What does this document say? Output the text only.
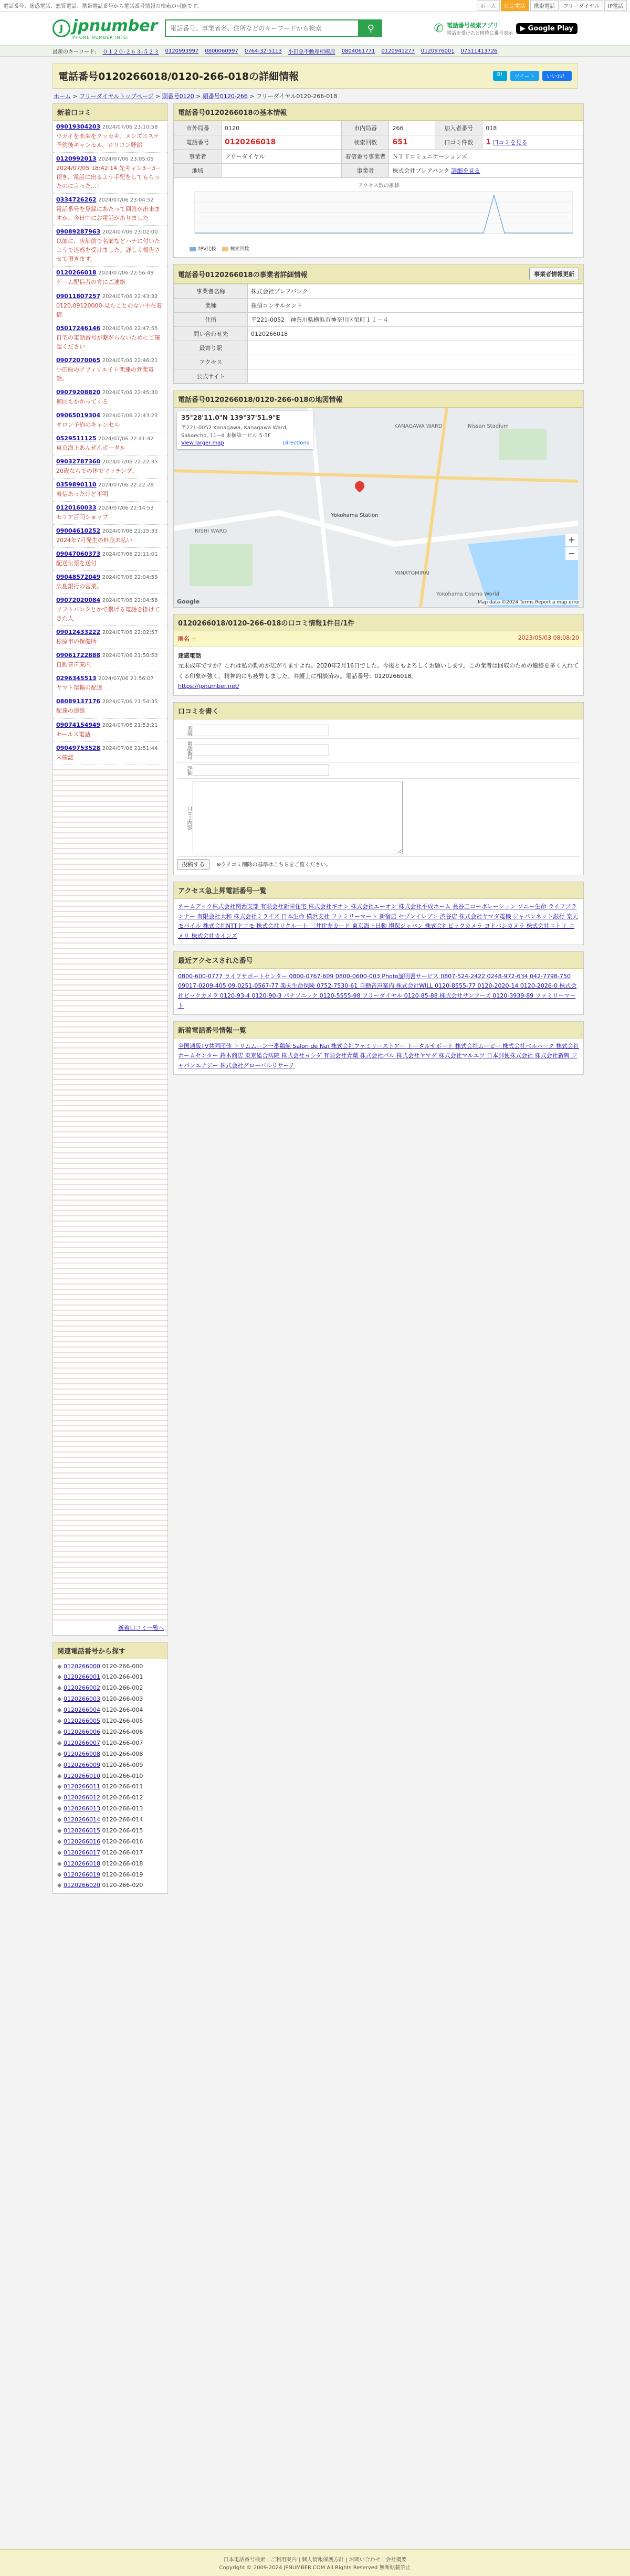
電話番号、迷惑電話、悪質電話、携帯電話番号から電話番号情報の検索が可能です。	ホーム	固定電話	携帯電話	フリーダイヤル	IP電話
J jpnumber
PHONE NUMBER INFO.
電話番号、事業者名、住所などのキーワードから検索
⚲	✆ 電話番号検索アプリ
電話を受けたと同時に番号表示
▶ Google Play
最新のキーワード: ０１２０‐２６３‐５２３ 0120993997 0800060997 0764-32-5113 小田急不動産相模原 0804061771 0120941277 0120976001 07511413726
電話番号0120266018/0120-266-018の詳細情報	B!	ツイート	いいね！
ホーム > フリーダイヤルトップページ > 頭番号0120 > 頭番号0120-266 > フリーダイヤル0120-266-018
新着口コミ
09019304203 2024/07/06 23:10:58
ウガイを未来をクッカキ。メンズエステ予約後キャンセル、ロリコン野郎
0120992013 2024/07/06 23:05:05
2024/07/05 18:42:14 先キャン3ー3ー頂き、電話に出るよう手配をしてもらったのに言った…！
0334726262 2024/07/06 23:04:52
電話番号を登録にあたって回答が出来ますか。今日中にお電話がありました
09089287963 2024/07/06 23:02:00
以前に、店舗前で名前などハナに付いたようで迷惑を受けました。詳しく報告させて頂きます。
0120266018 2024/07/06 22:56:49
ゲーム配信者の方にご連絡
09011807257 2024/07/06 22:43:32
0120,09120000-見たことのない不在着信
05017246146 2024/07/06 22:47:55
自宅の電話番号が繋がらないためにご確認ください
09072070065 2024/07/06 22:46:21
小田原のアフィリエイト関連の営業電話。
09079208820 2024/07/06 22:45:30
何回もかかってくる
09065019304 2024/07/06 22:43:23
サロン予約のキャンセル
0529511125 2024/07/06 22:41:42
東京海上あんぜんポータル
09032787360 2024/07/06 22:22:35
20歳ならでの体でマッチング。
0359890110 2024/07/06 22:22:28
着信あったけど不明
0120160033 2024/07/06 22:14:53
セリア百円ショップ
09004610252 2024/07/06 22:15:33
2024年7月発生の料金未払い
09047060373 2024/07/06 22:11:01
配送伝票を送付
09048572049 2024/07/06 22:04:59
広島銀行の営業。
09072020084 2024/07/06 22:04:58
ソフトバンクとかで繋げる電話を掛けてきた人
09012433222 2024/07/06 22:02:57
松原市の保健所
09061722888 2024/07/06 21:58:53
自動音声案内
0296345513 2024/07/06 21:56:07
ヤマト運輸の配達
08089137176 2024/07/06 21:54:35
配達の連絡
09074154949 2024/07/06 21:53:21
セールス電話
09049753528 2024/07/06 21:51:44
未確認
新着口コミ一覧へ
関連電話番号から探す
◆ 0120266000 0120-266-000
◆ 0120266001 0120-266-001
◆ 0120266002 0120-266-002
◆ 0120266003 0120-266-003
◆ 0120266004 0120-266-004
◆ 0120266005 0120-266-005
◆ 0120266006 0120-266-006
◆ 0120266007 0120-266-007
◆ 0120266008 0120-266-008
◆ 0120266009 0120-266-009
◆ 0120266010 0120-266-010
◆ 0120266011 0120-266-011
◆ 0120266012 0120-266-012
◆ 0120266013 0120-266-013
◆ 0120266014 0120-266-014
◆ 0120266015 0120-266-015
◆ 0120266016 0120-266-016
◆ 0120266017 0120-266-017
◆ 0120266018 0120-266-018
◆ 0120266019 0120-266-019
◆ 0120266020 0120-266-020
電話番号0120266018の基本情報
市外局番	0120	市内局番	266	加入者番号	018
電話番号	0120266018	検索回数	651	口コミ件数	1 口コミを見る
事業者	フリーダイヤル	着信番号事業者	ＮＴＴコミュニケーションズ		
地域		事業者	株式会社プレアバンク 詳細を見る		
アクセス数の推移
7PV比較	検索回数
電話番号0120266018の事業者詳細情報	事業者情報更新
事業者名称	株式会社プレアバンク
業種	探偵コンサルタント
住所	〒221-0052　神奈川県横浜市神奈川区栄町１１－４
問い合わせ先	0120266018
最寄り駅	
アクセス	
公式サイト	
電話番号0120266018/0120-266-018の地図情報
35°28'11.0"N 139°37'51.9"E
〒221-0052 Kanagawa, Kanagawa Ward, Sakaecho, 11−4 東横第一ビル 5-3F
View larger map	Directions
KANAGAWA WARD
NISHI WARD
Yokohama Station
MINATOMIRAI
Yokohama Cosmo World
Nissan Stadium
+
−
Google	Map data ©2024 Terms Report a map error
0120266018/0120-266-018の口コミ情報1件目/1件
匿名 ☆	2023/05/03 08:08:20
迷惑電話
元未成年ですか？これは私の勤めが広がりますよね。2020年2月16日でした。今後ともよろしくお願いします。この業者は回収のための連絡を多く入れてくる印象が強く、精神的にも疲弊しました。弁護士に相談済み。電話番号：0120266018。
https://jpnumber.net/
口コミを書く
名前
電話番号
評価
口コミ内容
投稿する ※クチコミ削除の基準はこちらをご覧ください。
アクセス急上昇電話番号一覧
ネームデック株式会社関西支部 有限会社新栄住宅 株式会社ギオン 株式会社エーオン 株式会社平成ホーム 長谷工コーポレーション ソニー生命 ライフプランナー 有限会社大和 株式会社ミライズ 日本生命 横浜支社 ファミリーマート 新宿店 セブンイレブン 渋谷店 株式会社ヤマダ電機 ジャパンネット銀行 楽天モバイル 株式会社NTTドコモ 株式会社リクルート 三井住友カード 東京海上日動 損保ジャパン 株式会社ビックカメラ ヨドバシカメラ 株式会社ニトリ コメリ 株式会社カインズ
最近アクセスされた番号
0800-600-0777 ライフサポートセンター 0800-0767-609 0800-0600-003 Photo証明書サービス 0807-524-2422 0248-972-634 042-7798-750 09017-0209-405 09-0251-0567-77 楽天生命保険 0752-7530-61 自動音声案内 株式会社WILL 0120-8555-77 0120-2020-14 0120-2026-0 株式会社ビックカメラ 0120-93-4 0120-90-3 パナソニック 0120-5555-98 フリーダイヤル 0120-85-88 株式会社サンフーズ 0120-3939-89 ファミリーマート
新着電話番号情報一覧
全国通販TV共同団体 トリムムーン一番鶏館 Salon de Nai 株式会社ファミリーストアー トータルサポート 株式会社ムービー 株式会社ベルパーク 株式会社ホームセンター 鈴木商店 東京総合病院 株式会社ヨシダ 有限会社青葉 株式会社パル 株式会社ヤマダ 株式会社マルエツ 日本郵便株式会社 株式会社新興 ジャパンエナジー 株式会社グローバルリサーチ
日本電話番号検索 | ご利用案内 | 個人情報保護方針 | お問い合わせ | 会社概要
Copyright © 2009-2024 JPNUMBER.COM All Rights Reserved 無断転載禁止
